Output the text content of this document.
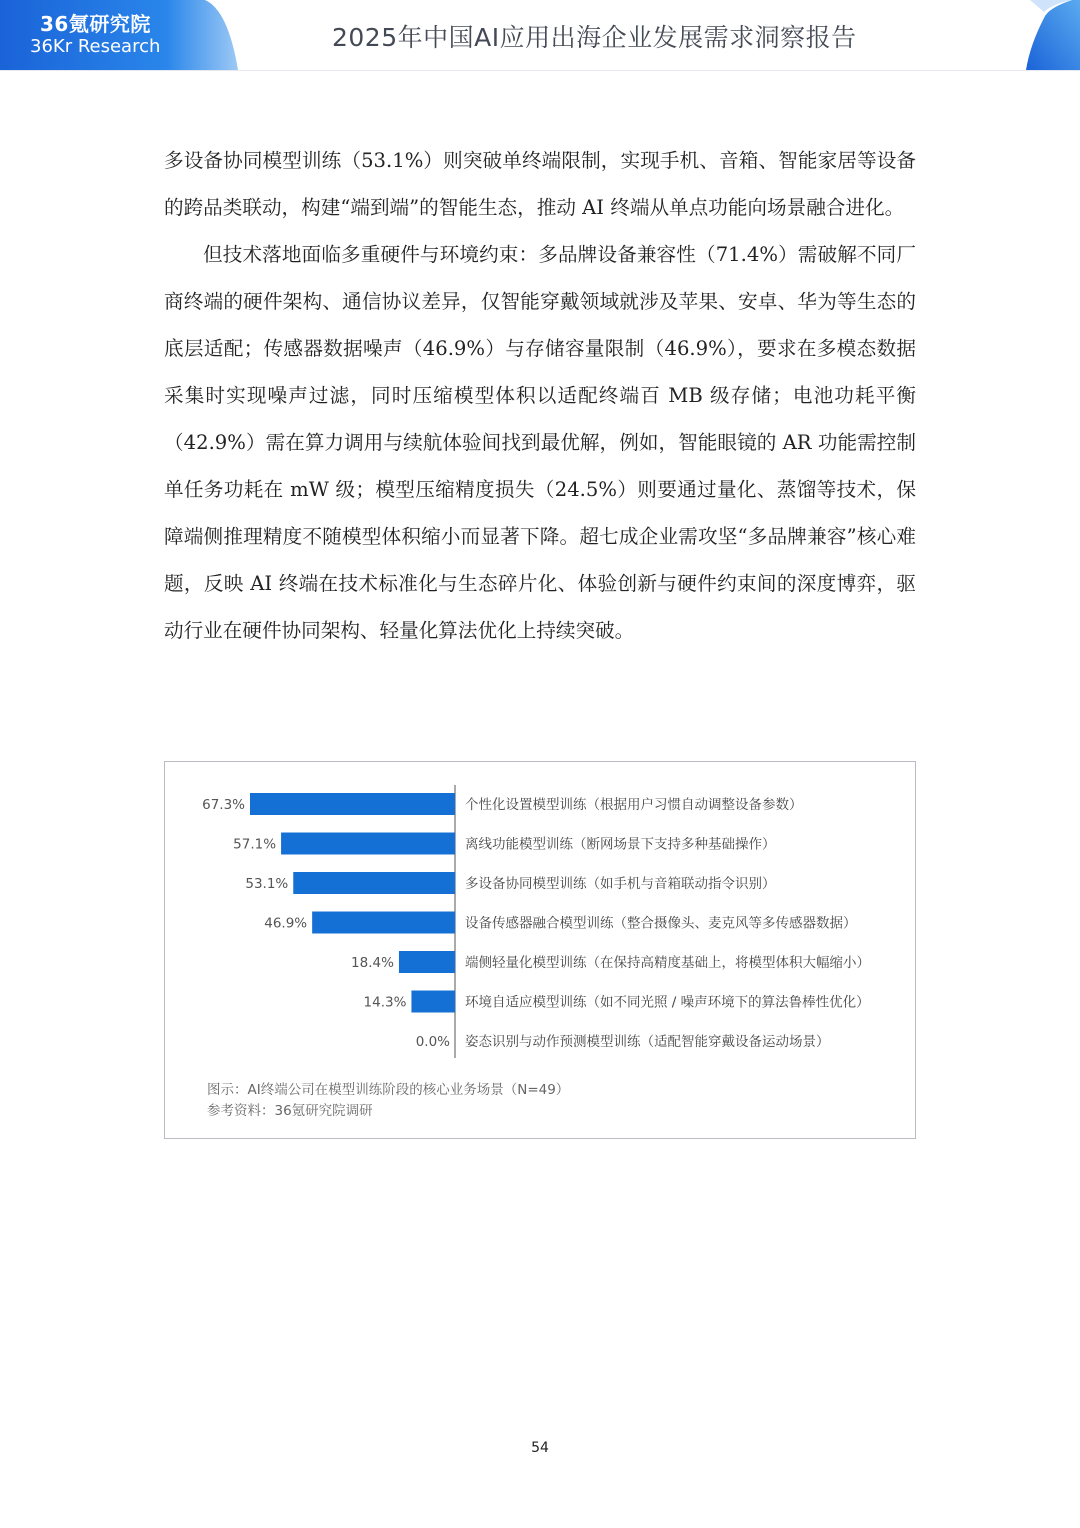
36氪研究院
36Kr Research	2025年中国AI应用出海企业发展需求洞察报告

多设备协同模型训练（53.1%）则突破单终端限制，实现手机、音箱、智能家居等设备的跨品类联动，构建“端到端”的智能生态，推动 AI 终端从单点功能向场景融合进化。

但技术落地面临多重硬件与环境约束：多品牌设备兼容性（71.4%）需破解不同厂商终端的硬件架构、通信协议差异，仅智能穿戴领域就涉及苹果、安卓、华为等生态的底层适配；传感器数据噪声（46.9%）与存储容量限制（46.9%），要求在多模态数据采集时实现噪声过滤，同时压缩模型体积以适配终端百 MB 级存储；电池功耗平衡（42.9%）需在算力调用与续航体验间找到最优解，例如，智能眼镜的 AR 功能需控制单任务功耗在 mW 级；模型压缩精度损失（24.5%）则要通过量化、蒸馏等技术，保障端侧推理精度不随模型体积缩小而显著下降。超七成企业需攻坚“多品牌兼容”核心难题，反映 AI 终端在技术标准化与生态碎片化、体验创新与硬件约束间的深度博弈，驱动行业在硬件协同架构、轻量化算法优化上持续突破。

67.3%	个性化设置模型训练（根据用户习惯自动调整设备参数）
57.1%	离线功能模型训练（断网场景下支持多种基础操作）
53.1%	多设备协同模型训练（如手机与音箱联动指令识别）
46.9%	设备传感器融合模型训练（整合摄像头、麦克风等多传感器数据）
18.4%	端侧轻量化模型训练（在保持高精度基础上，将模型体积大幅缩小）
14.3%	环境自适应模型训练（如不同光照 / 噪声环境下的算法鲁棒性优化）
0.0% 姿态识别与动作预测模型训练（适配智能穿戴设备运动场景）
图示：AI终端公司在模型训练阶段的核心业务场景（N=49）
参考资料：36氪研究院调研
54
